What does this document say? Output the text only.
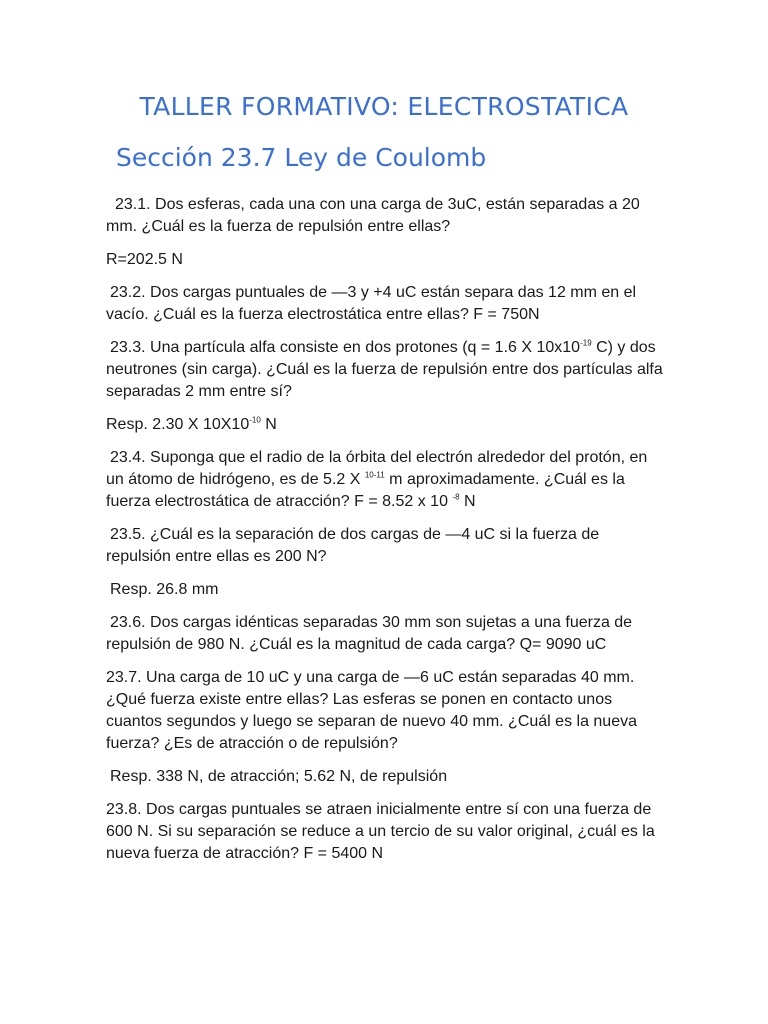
TALLER FORMATIVO: ELECTROSTATICA
Sección 23.7 Ley de Coulomb

23.1. Dos esferas, cada una con una carga de 3uC, están separadas a 20 mm. ¿Cuál es la fuerza de repulsión entre ellas?

R=202.5 N

23.2. Dos cargas puntuales de —3 y +4 uC están separa das 12 mm en el vacío. ¿Cuál es la fuerza electrostática entre ellas? F = 750N

23.3. Una partícula alfa consiste en dos protones (q = 1.6 X $10x10^{-19}$ C) y dos neutrones (sin carga). ¿Cuál es la fuerza de repulsión entre dos partículas alfa separadas 2 mm entre sí?

Resp. 2.30 X $10X10^{-10}$ N

23.4. Suponga que el radio de la órbita del electrón alrededor del protón, en un átomo de hidrógeno, es de 5.2 X $^{10-11}$ m aproximadamente. ¿Cuál es la fuerza electrostática de atracción? F = 8.52 x 10 $^{-8}$ N

23.5. ¿Cuál es la separación de dos cargas de —4 uC si la fuerza de repulsión entre ellas es 200 N?

Resp. 26.8 mm

23.6. Dos cargas idénticas separadas 30 mm son sujetas a una fuerza de repulsión de 980 N. ¿Cuál es la magnitud de cada carga? Q= 9090 uC

23.7. Una carga de 10 uC y una carga de —6 uC están separadas 40 mm. ¿Qué fuerza existe entre ellas? Las esferas se ponen en contacto unos cuantos segundos y luego se separan de nuevo 40 mm. ¿Cuál es la nueva fuerza? ¿Es de atracción o de repulsión?

Resp. 338 N, de atracción; 5.62 N, de repulsión

23.8. Dos cargas puntuales se atraen inicialmente entre sí con una fuerza de 600 N. Si su separación se reduce a un tercio de su valor original, ¿cuál es la nueva fuerza de atracción? F = 5400 N
